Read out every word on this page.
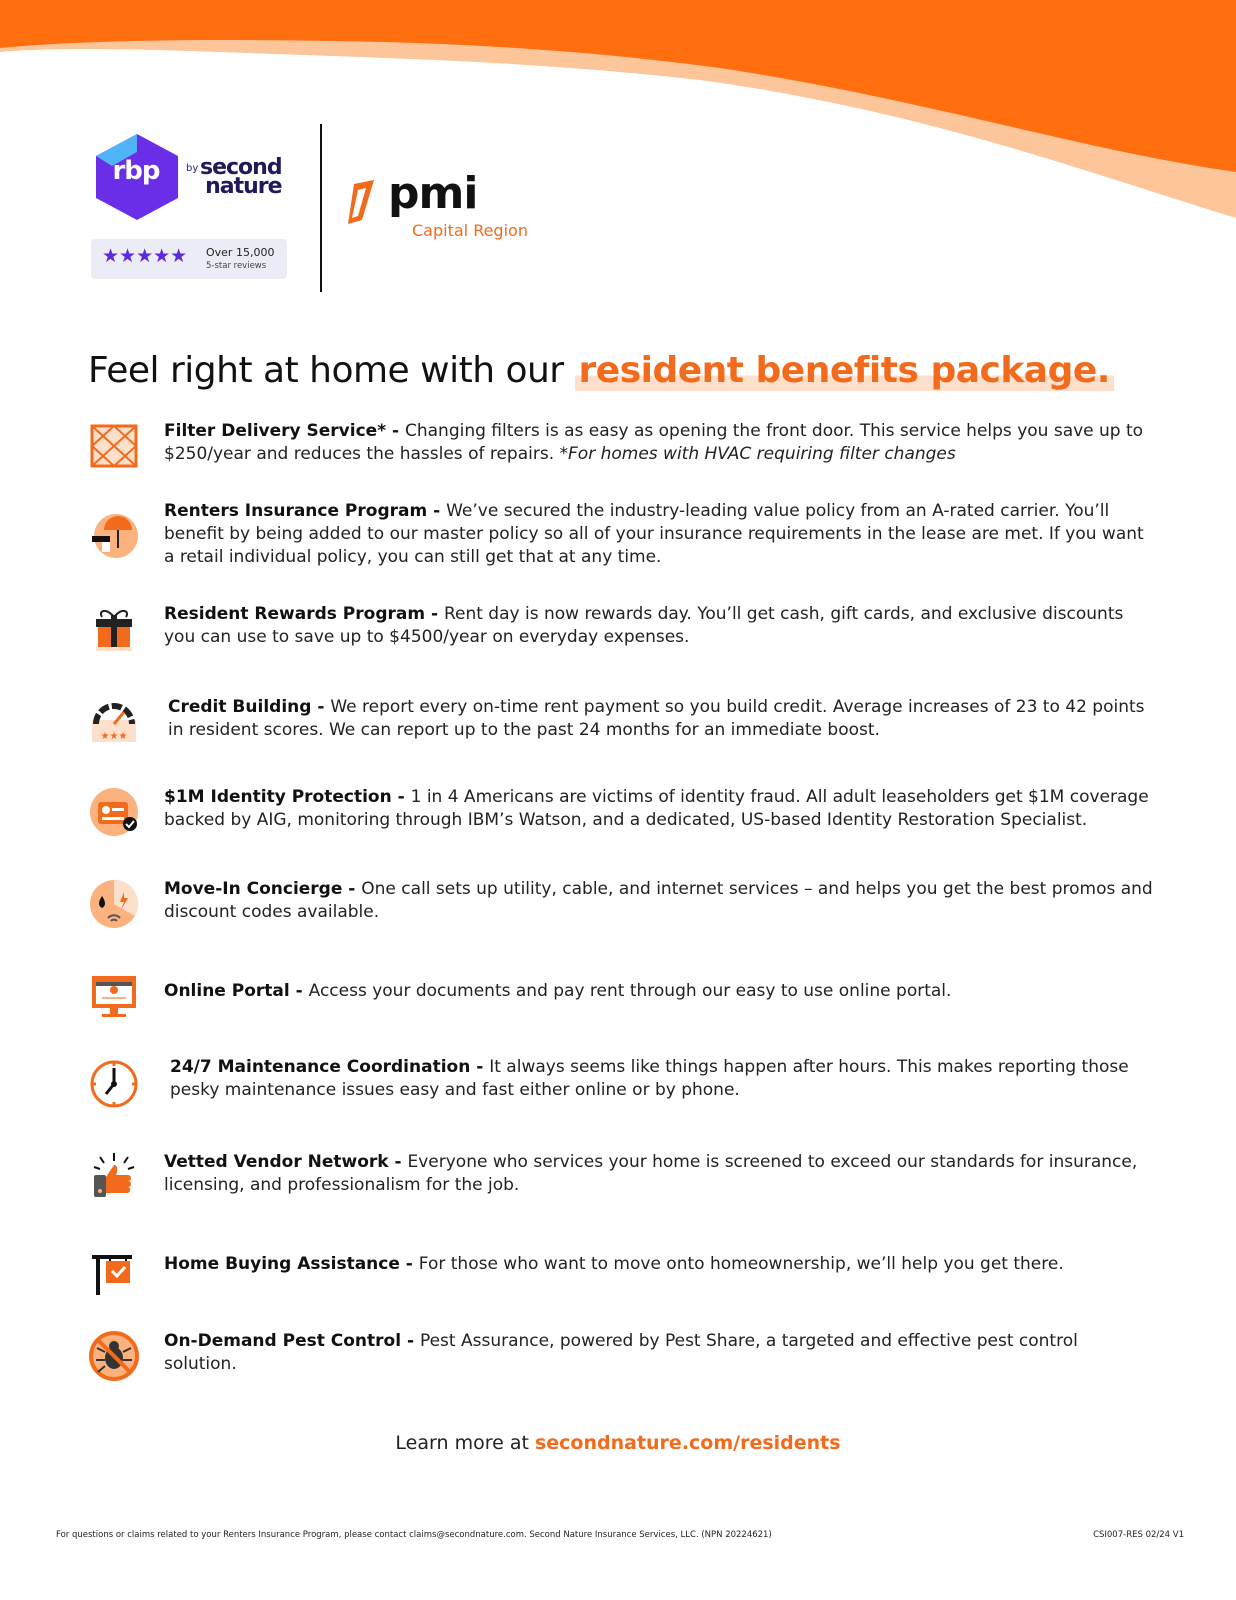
rbp	by second
nature
★★★★★ Over 15,000
5-star reviews
pmi
Capital Region
Feel right at home with our resident benefits package.
Filter Delivery Service* - Changing filters is as easy as opening the front door. This service helps you save up to $250/year and reduces the hassles of repairs. *For homes with HVAC requiring filter changes
Renters Insurance Program - We’ve secured the industry-leading value policy from an A-rated carrier. You’ll benefit by being added to our master policy so all of your insurance requirements in the lease are met. If you want a retail individual policy, you can still get that at any time.
Resident Rewards Program - Rent day is now rewards day. You’ll get cash, gift cards, and exclusive discounts you can use to save up to $4500/year on everyday expenses.
★★★
Credit Building - We report every on-time rent payment so you build credit. Average increases of 23 to 42 points in resident scores. We can report up to the past 24 months for an immediate boost.
$1M Identity Protection - 1 in 4 Americans are victims of identity fraud. All adult leaseholders get $1M coverage backed by AIG, monitoring through IBM’s Watson, and a dedicated, US-based Identity Restoration Specialist.
Move-In Concierge - One call sets up utility, cable, and internet services – and helps you get the best promos and discount codes available.
Online Portal - Access your documents and pay rent through our easy to use online portal.
24/7 Maintenance Coordination - It always seems like things happen after hours. This makes reporting those pesky maintenance issues easy and fast either online or by phone.
Vetted Vendor Network - Everyone who services your home is screened to exceed our standards for insurance, licensing, and professionalism for the job.
Home Buying Assistance - For those who want to move onto homeownership, we’ll help you get there.
On-Demand Pest Control - Pest Assurance, powered by Pest Share, a targeted and effective pest control solution.
Learn more at secondnature.com/residents
For questions or claims related to your Renters Insurance Program, please contact claims@secondnature.com. Second Nature Insurance Services, LLC. (NPN 20224621)	CSI007-RES 02/24 V1
